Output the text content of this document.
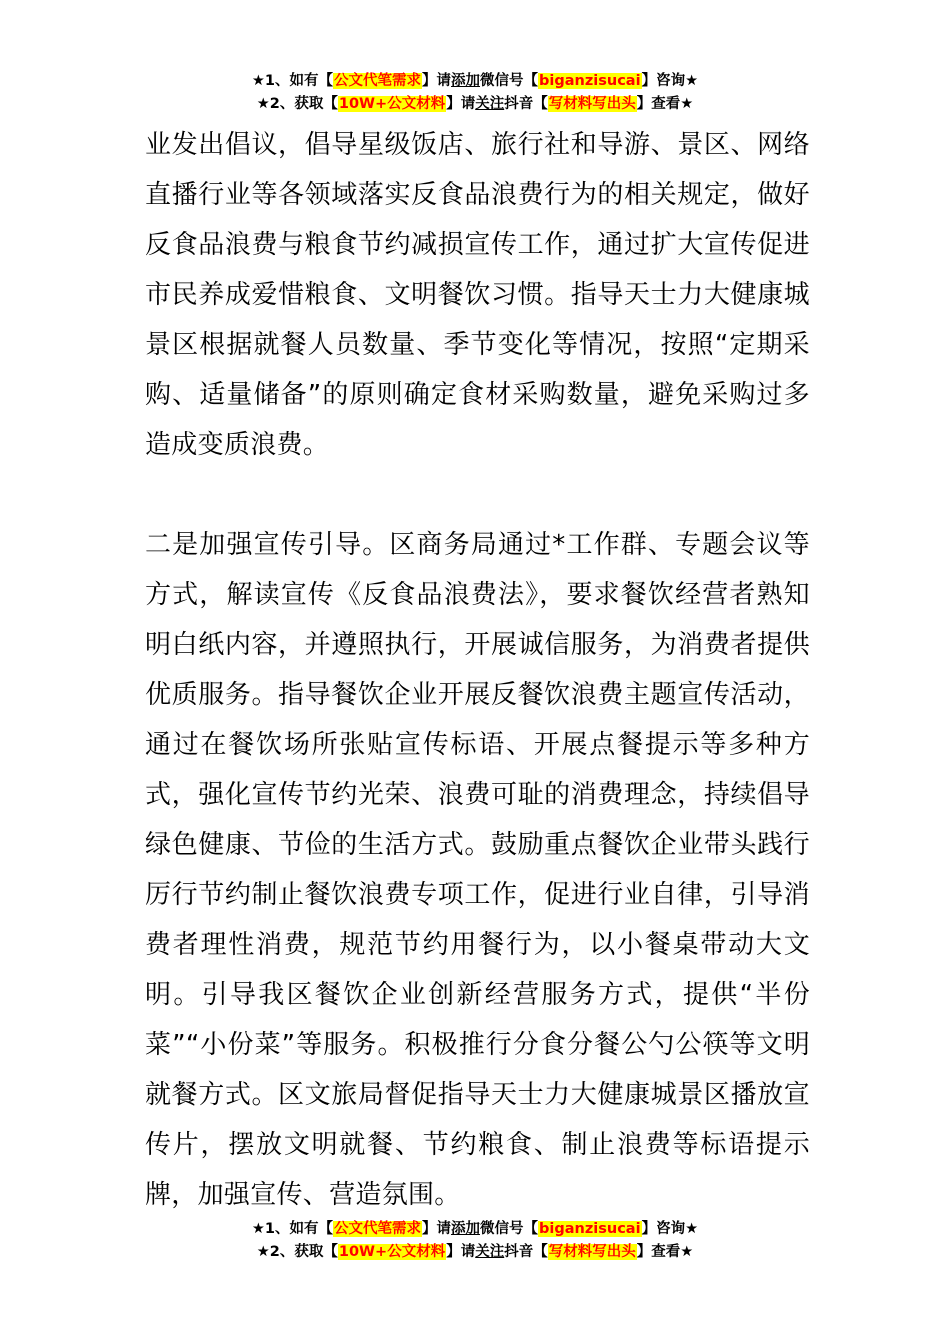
★1、如有【公文代笔需求】请添加微信号【biganzisucai】咨询★
★2、获取【10W+公文材料】请关注抖音【写材料写出头】查看★

业发出倡议，倡导星级饭店、旅行社和导游、景区、网络直播行业等各领域落实反食品浪费行为的相关规定，做好反食品浪费与粮食节约减损宣传工作，通过扩大宣传促进市民养成爱惜粮食、文明餐饮习惯。指导天士力大健康城景区根据就餐人员数量、季节变化等情况，按照“定期采购、适量储备”的原则确定食材采购数量，避免采购过多造成变质浪费。

二是加强宣传引导。区商务局通过*工作群、专题会议等方式，解读宣传《反食品浪费法》，要求餐饮经营者熟知明白纸内容，并遵照执行，开展诚信服务，为消费者提供优质服务。指导餐饮企业开展反餐饮浪费主题宣传活动，通过在餐饮场所张贴宣传标语、开展点餐提示等多种方式，强化宣传节约光荣、浪费可耻的消费理念，持续倡导绿色健康、节俭的生活方式。鼓励重点餐饮企业带头践行厉行节约制止餐饮浪费专项工作，促进行业自律，引导消费者理性消费，规范节约用餐行为，以小餐桌带动大文明。引导我区餐饮企业创新经营服务方式，提供“半份菜”“小份菜”等服务。积极推行分食分餐公勺公筷等文明就餐方式。区文旅局督促指导天士力大健康城景区播放宣传片，摆放文明就餐、节约粮食、制止浪费等标语提示牌，加强宣传、营造氛围。

★1、如有【公文代笔需求】请添加微信号【biganzisucai】咨询★
★2、获取【10W+公文材料】请关注抖音【写材料写出头】查看★
